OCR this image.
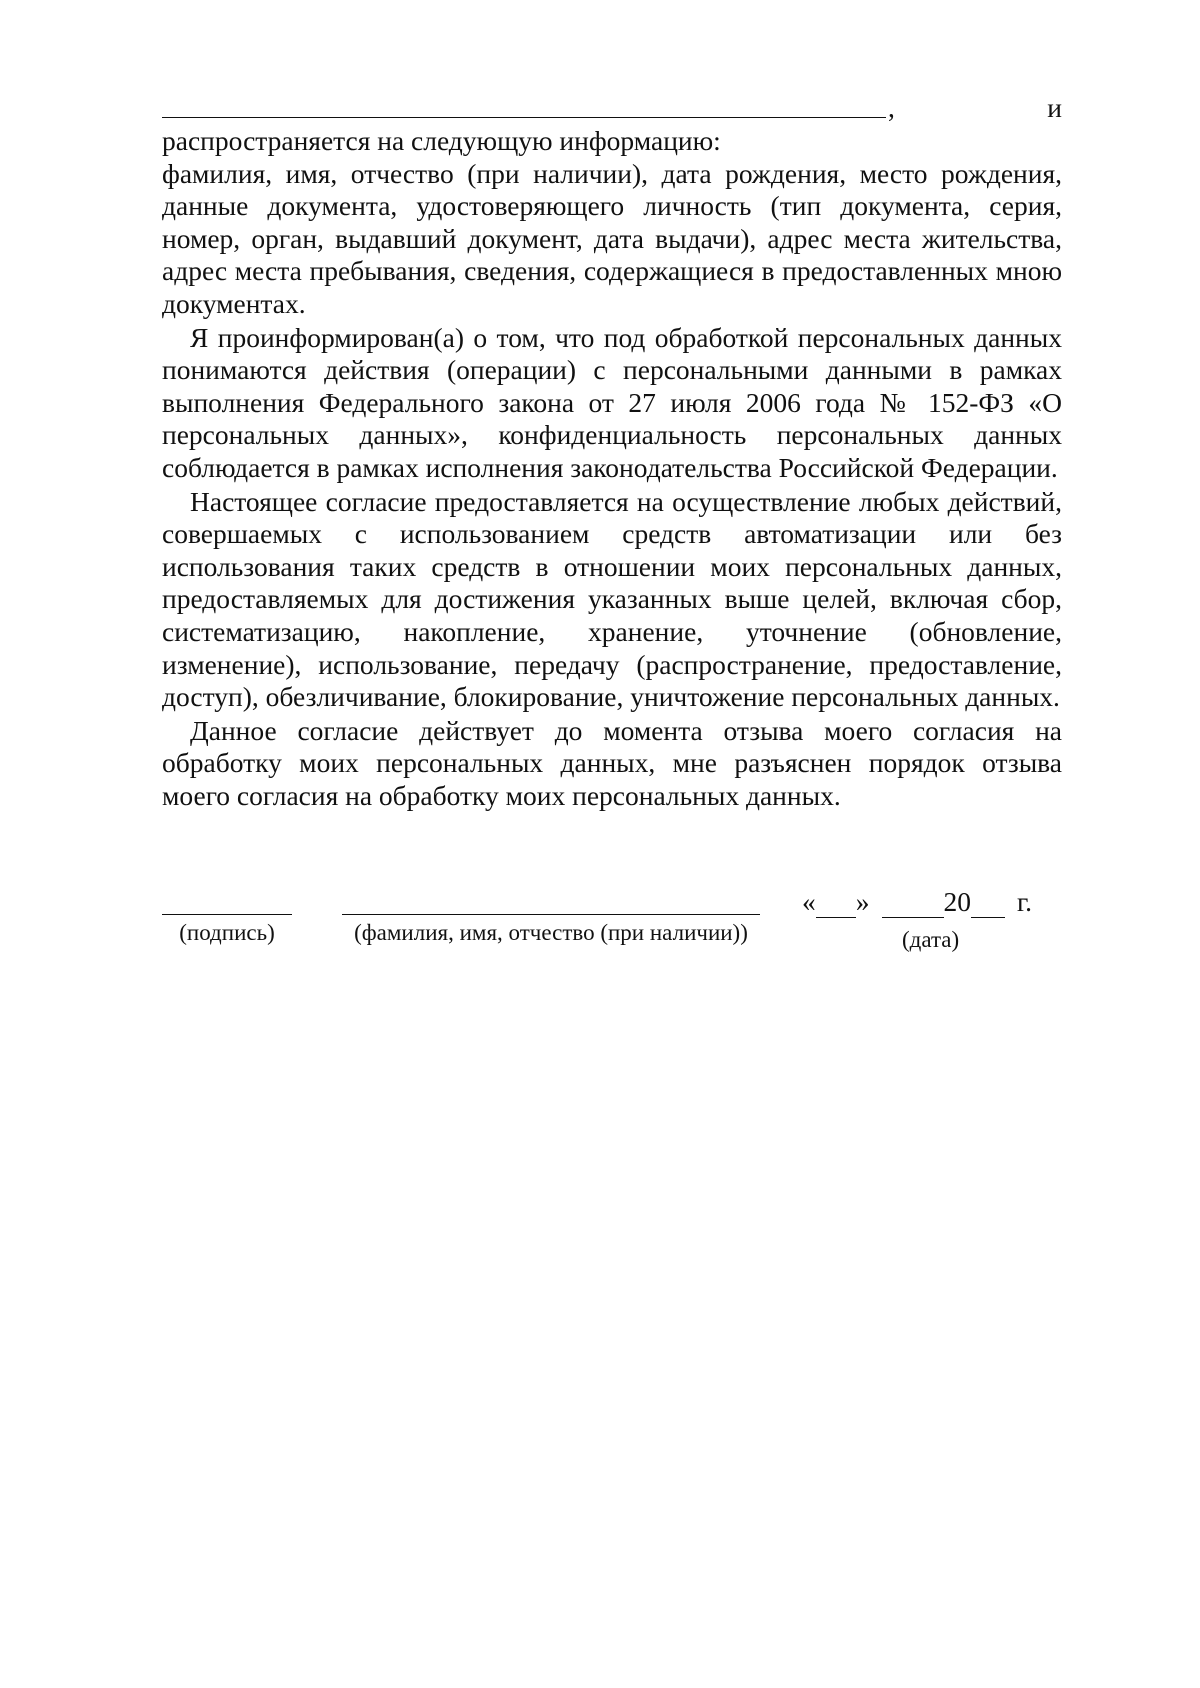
,	и

распространяется на следующую информацию:

фамилия, имя, отчество (при наличии), дата рождения, место рождения, данные документа, удостоверяющего личность (тип документа, серия, номер, орган, выдавший документ, дата выдачи), адрес места жительства, адрес места пребывания, сведения, содержащиеся в предоставленных мною документах.

Я проинформирован(а) о том, что под обработкой персональных данных понимаются действия (операции) с персональными данными в рамках выполнения Федерального закона от 27 июля 2006 года № 152-ФЗ «О персональных данных», конфиденциальность персональных данных соблюдается в рамках исполнения законодательства Российской Федерации.

Настоящее согласие предоставляется на осуществление любых действий, совершаемых с использованием средств автоматизации или без использования таких средств в отношении моих персональных данных, предоставляемых для достижения указанных выше целей, включая сбор, систематизацию, накопление, хранение, уточнение (обновление, изменение), использование, передачу (распространение, предоставление, доступ), обезличивание, блокирование, уничтожение персональных данных.

Данное согласие действует до момента отзыва моего согласия на обработку моих персональных данных, мне разъяснен порядок отзыва моего согласия на обработку моих персональных данных.

(подпись)	(фамилия, имя, отчество (при наличии))
« »	20 г.
(дата)
